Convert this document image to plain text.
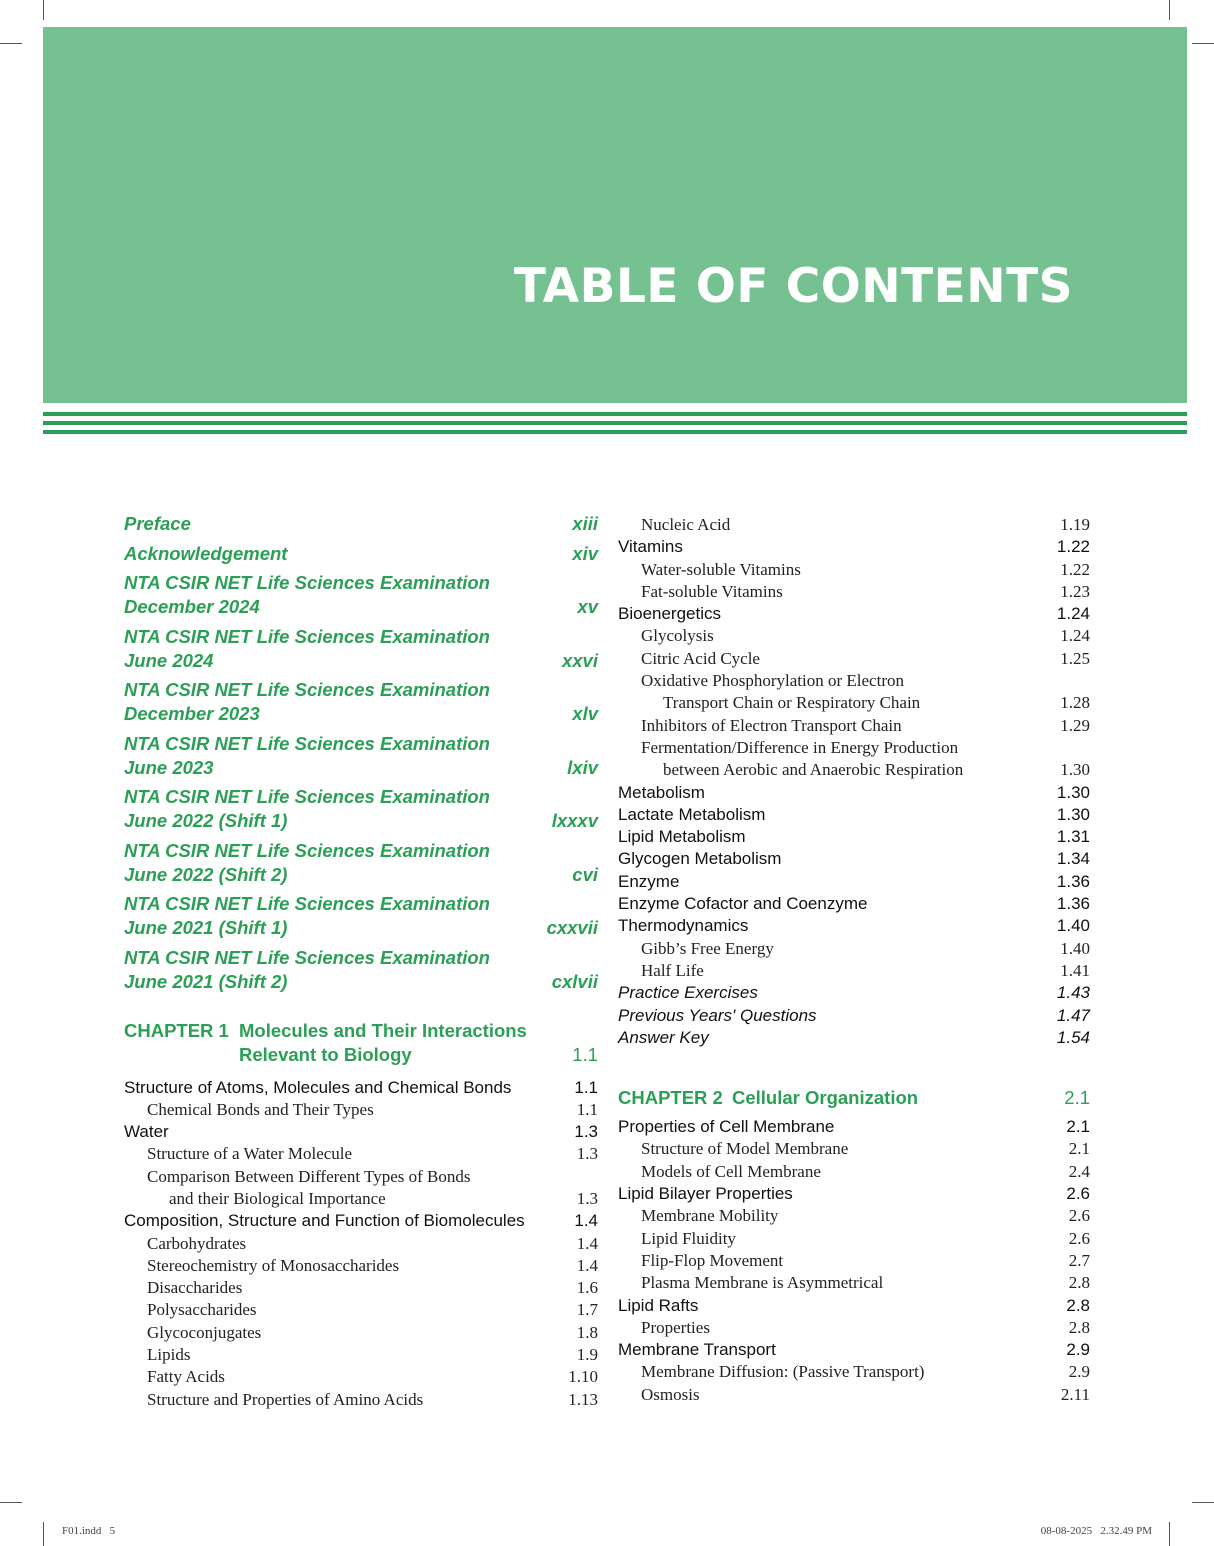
TABLE OF CONTENTS
Preface	xiii
Acknowledgement	xiv
NTA CSIR NET Life Sciences Examination
December 2024	xv
NTA CSIR NET Life Sciences Examination
June 2024	xxvi
NTA CSIR NET Life Sciences Examination
December 2023	xlv
NTA CSIR NET Life Sciences Examination
June 2023	lxiv
NTA CSIR NET Life Sciences Examination
June 2022 (Shift 1)	lxxxv
NTA CSIR NET Life Sciences Examination
June 2022 (Shift 2)	cvi
NTA CSIR NET Life Sciences Examination
June 2021 (Shift 1)	cxxvii
NTA CSIR NET Life Sciences Examination
June 2021 (Shift 2)	cxlvii
CHAPTER 1 Molecules and Their Interactions
Relevant to Biology	1.1
Structure of Atoms, Molecules and Chemical Bonds	1.1
Chemical Bonds and Their Types	1.1
Water	1.3
Structure of a Water Molecule	1.3
Comparison Between Different Types of Bonds
and their Biological Importance	1.3
Composition, Structure and Function of Biomolecules	1.4
Carbohydrates	1.4
Stereochemistry of Monosaccharides	1.4
Disaccharides	1.6
Polysaccharides	1.7
Glycoconjugates	1.8
Lipids	1.9
Fatty Acids	1.10
Structure and Properties of Amino Acids	1.13
Nucleic Acid	1.19
Vitamins	1.22
Water-soluble Vitamins	1.22
Fat-soluble Vitamins	1.23
Bioenergetics	1.24
Glycolysis	1.24
Citric Acid Cycle	1.25
Oxidative Phosphorylation or Electron
Transport Chain or Respiratory Chain	1.28
Inhibitors of Electron Transport Chain	1.29
Fermentation/Difference in Energy Production
between Aerobic and Anaerobic Respiration	1.30
Metabolism	1.30
Lactate Metabolism	1.30
Lipid Metabolism	1.31
Glycogen Metabolism	1.34
Enzyme	1.36
Enzyme Cofactor and Coenzyme	1.36
Thermodynamics	1.40
Gibb’s Free Energy	1.40
Half Life	1.41
Practice Exercises	1.43
Previous Years' Questions	1.47
Answer Key	1.54
CHAPTER 2 Cellular Organization	2.1
Properties of Cell Membrane	2.1
Structure of Model Membrane	2.1
Models of Cell Membrane	2.4
Lipid Bilayer Properties	2.6
Membrane Mobility	2.6
Lipid Fluidity	2.6
Flip-Flop Movement	2.7
Plasma Membrane is Asymmetrical	2.8
Lipid Rafts	2.8
Properties	2.8
Membrane Transport	2.9
Membrane Diffusion: (Passive Transport)	2.9
Osmosis	2.11
F01.indd   5	08-08-2025   2.32.49 PM
